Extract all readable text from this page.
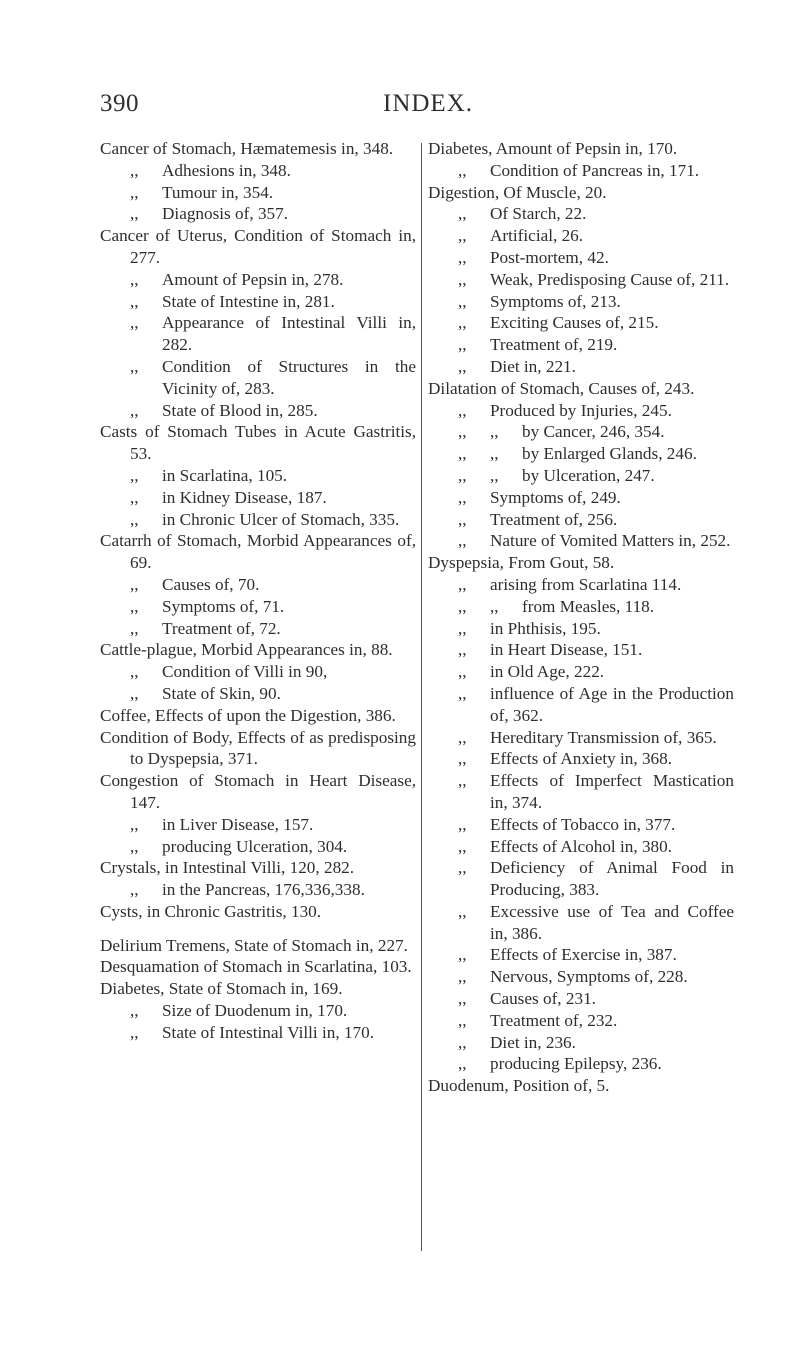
390	INDEX.
Cancer of Stomach, Hæmatemesis in, 348.
,, Adhesions in, 348.
,, Tumour in, 354.
,, Diagnosis of, 357.
Cancer of Uterus, Condition of Stomach in, 277.
,, Amount of Pepsin in, 278.
,, State of Intestine in, 281.
,, Appearance of Intestinal Villi in, 282.
,, Condition of Structures in the Vicinity of, 283.
,, State of Blood in, 285.
Casts of Stomach Tubes in Acute Gastritis, 53.
,, in Scarlatina, 105.
,, in Kidney Disease, 187.
,, in Chronic Ulcer of Stomach, 335.
Catarrh of Stomach, Morbid Appearances of, 69.
,, Causes of, 70.
,, Symptoms of, 71.
,, Treatment of, 72.
Cattle-plague, Morbid Appearances in, 88.
,, Condition of Villi in 90,
,, State of Skin, 90.
Coffee, Effects of upon the Digestion, 386.
Condition of Body, Effects of as predisposing to Dyspepsia, 371.
Congestion of Stomach in Heart Disease, 147.
,, in Liver Disease, 157.
,, producing Ulceration, 304.
Crystals, in Intestinal Villi, 120, 282.
,, in the Pancreas, 176,336,338.
Cysts, in Chronic Gastritis, 130.
Delirium Tremens, State of Stomach in, 227.
Desquamation of Stomach in Scarlatina, 103.
Diabetes, State of Stomach in, 169.
,, Size of Duodenum in, 170.
,, State of Intestinal Villi in, 170.
Diabetes, Amount of Pepsin in, 170.
,, Condition of Pancreas in, 171.
Digestion, Of Muscle, 20.
,, Of Starch, 22.
,, Artificial, 26.
,, Post-mortem, 42.
,, Weak, Predisposing Cause of, 211.
,, Symptoms of, 213.
,, Exciting Causes of, 215.
,, Treatment of, 219.
,, Diet in, 221.
Dilatation of Stomach, Causes of, 243.
,, Produced by Injuries, 245.
,, ,, by Cancer, 246, 354.
,, ,, by Enlarged Glands, 246.
,, ,, by Ulceration, 247.
,, Symptoms of, 249.
,, Treatment of, 256.
,, Nature of Vomited Matters in, 252.
Dyspepsia, From Gout, 58.
,, arising from Scarlatina 114.
,, ,, from Measles, 118.
,, in Phthisis, 195.
,, in Heart Disease, 151.
,, in Old Age, 222.
,, influence of Age in the Production of, 362.
,, Hereditary Transmission of, 365.
,, Effects of Anxiety in, 368.
,, Effects of Imperfect Mastication in, 374.
,, Effects of Tobacco in, 377.
,, Effects of Alcohol in, 380.
,, Deficiency of Animal Food in Producing, 383.
,, Excessive use of Tea and Coffee in, 386.
,, Effects of Exercise in, 387.
,, Nervous, Symptoms of, 228.
,, Causes of, 231.
,, Treatment of, 232.
,, Diet in, 236.
,, producing Epilepsy, 236.
Duodenum, Position of, 5.
